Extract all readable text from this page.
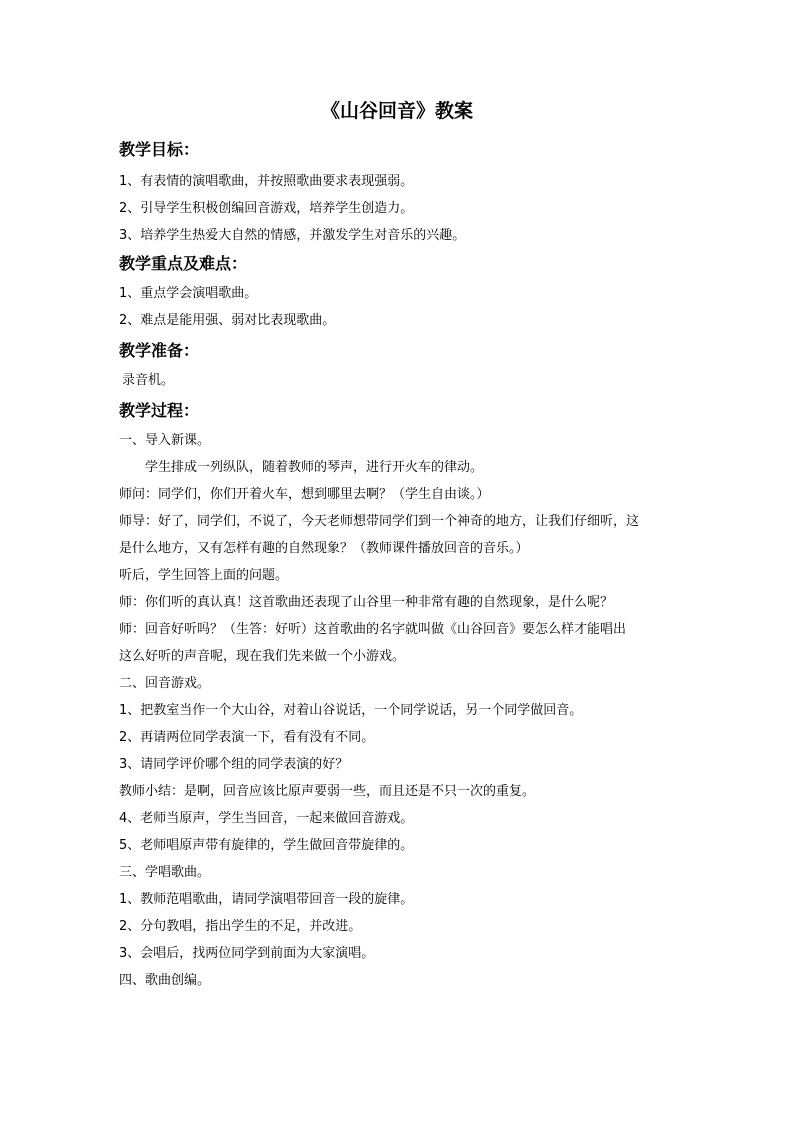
《山谷回音》教案

教学目标：

1、有表情的演唱歌曲，并按照歌曲要求表现强弱。

2、引导学生积极创编回音游戏，培养学生创造力。

3、培养学生热爱大自然的情感，并激发学生对音乐的兴趣。

教学重点及难点：

1、重点学会演唱歌曲。

2、难点是能用强、弱对比表现歌曲。

教学准备：

录音机。

教学过程：

一、导入新课。

学生排成一列纵队，随着教师的琴声，进行开火车的律动。

师问：同学们，你们开着火车，想到哪里去啊？（学生自由谈。）

师导：好了，同学们，不说了，今天老师想带同学们到一个神奇的地方，让我们仔细听，这

是什么地方，又有怎样有趣的自然现象？（教师课件播放回音的音乐。）

听后，学生回答上面的问题。

师：你们听的真认真！这首歌曲还表现了山谷里一种非常有趣的自然现象，是什么呢？

师：回音好听吗？（生答：好听）这首歌曲的名字就叫做《山谷回音》要怎么样才能唱出

这么好听的声音呢，现在我们先来做一个小游戏。

二、回音游戏。

1、把教室当作一个大山谷，对着山谷说话，一个同学说话，另一个同学做回音。

2、再请两位同学表演一下，看有没有不同。

3、请同学评价哪个组的同学表演的好？

教师小结：是啊，回音应该比原声要弱一些，而且还是不只一次的重复。

4、老师当原声，学生当回音，一起来做回音游戏。

5、老师唱原声带有旋律的，学生做回音带旋律的。

三、学唱歌曲。

1、教师范唱歌曲，请同学演唱带回音一段的旋律。

2、分句教唱，指出学生的不足，并改进。

3、会唱后，找两位同学到前面为大家演唱。

四、歌曲创编。
